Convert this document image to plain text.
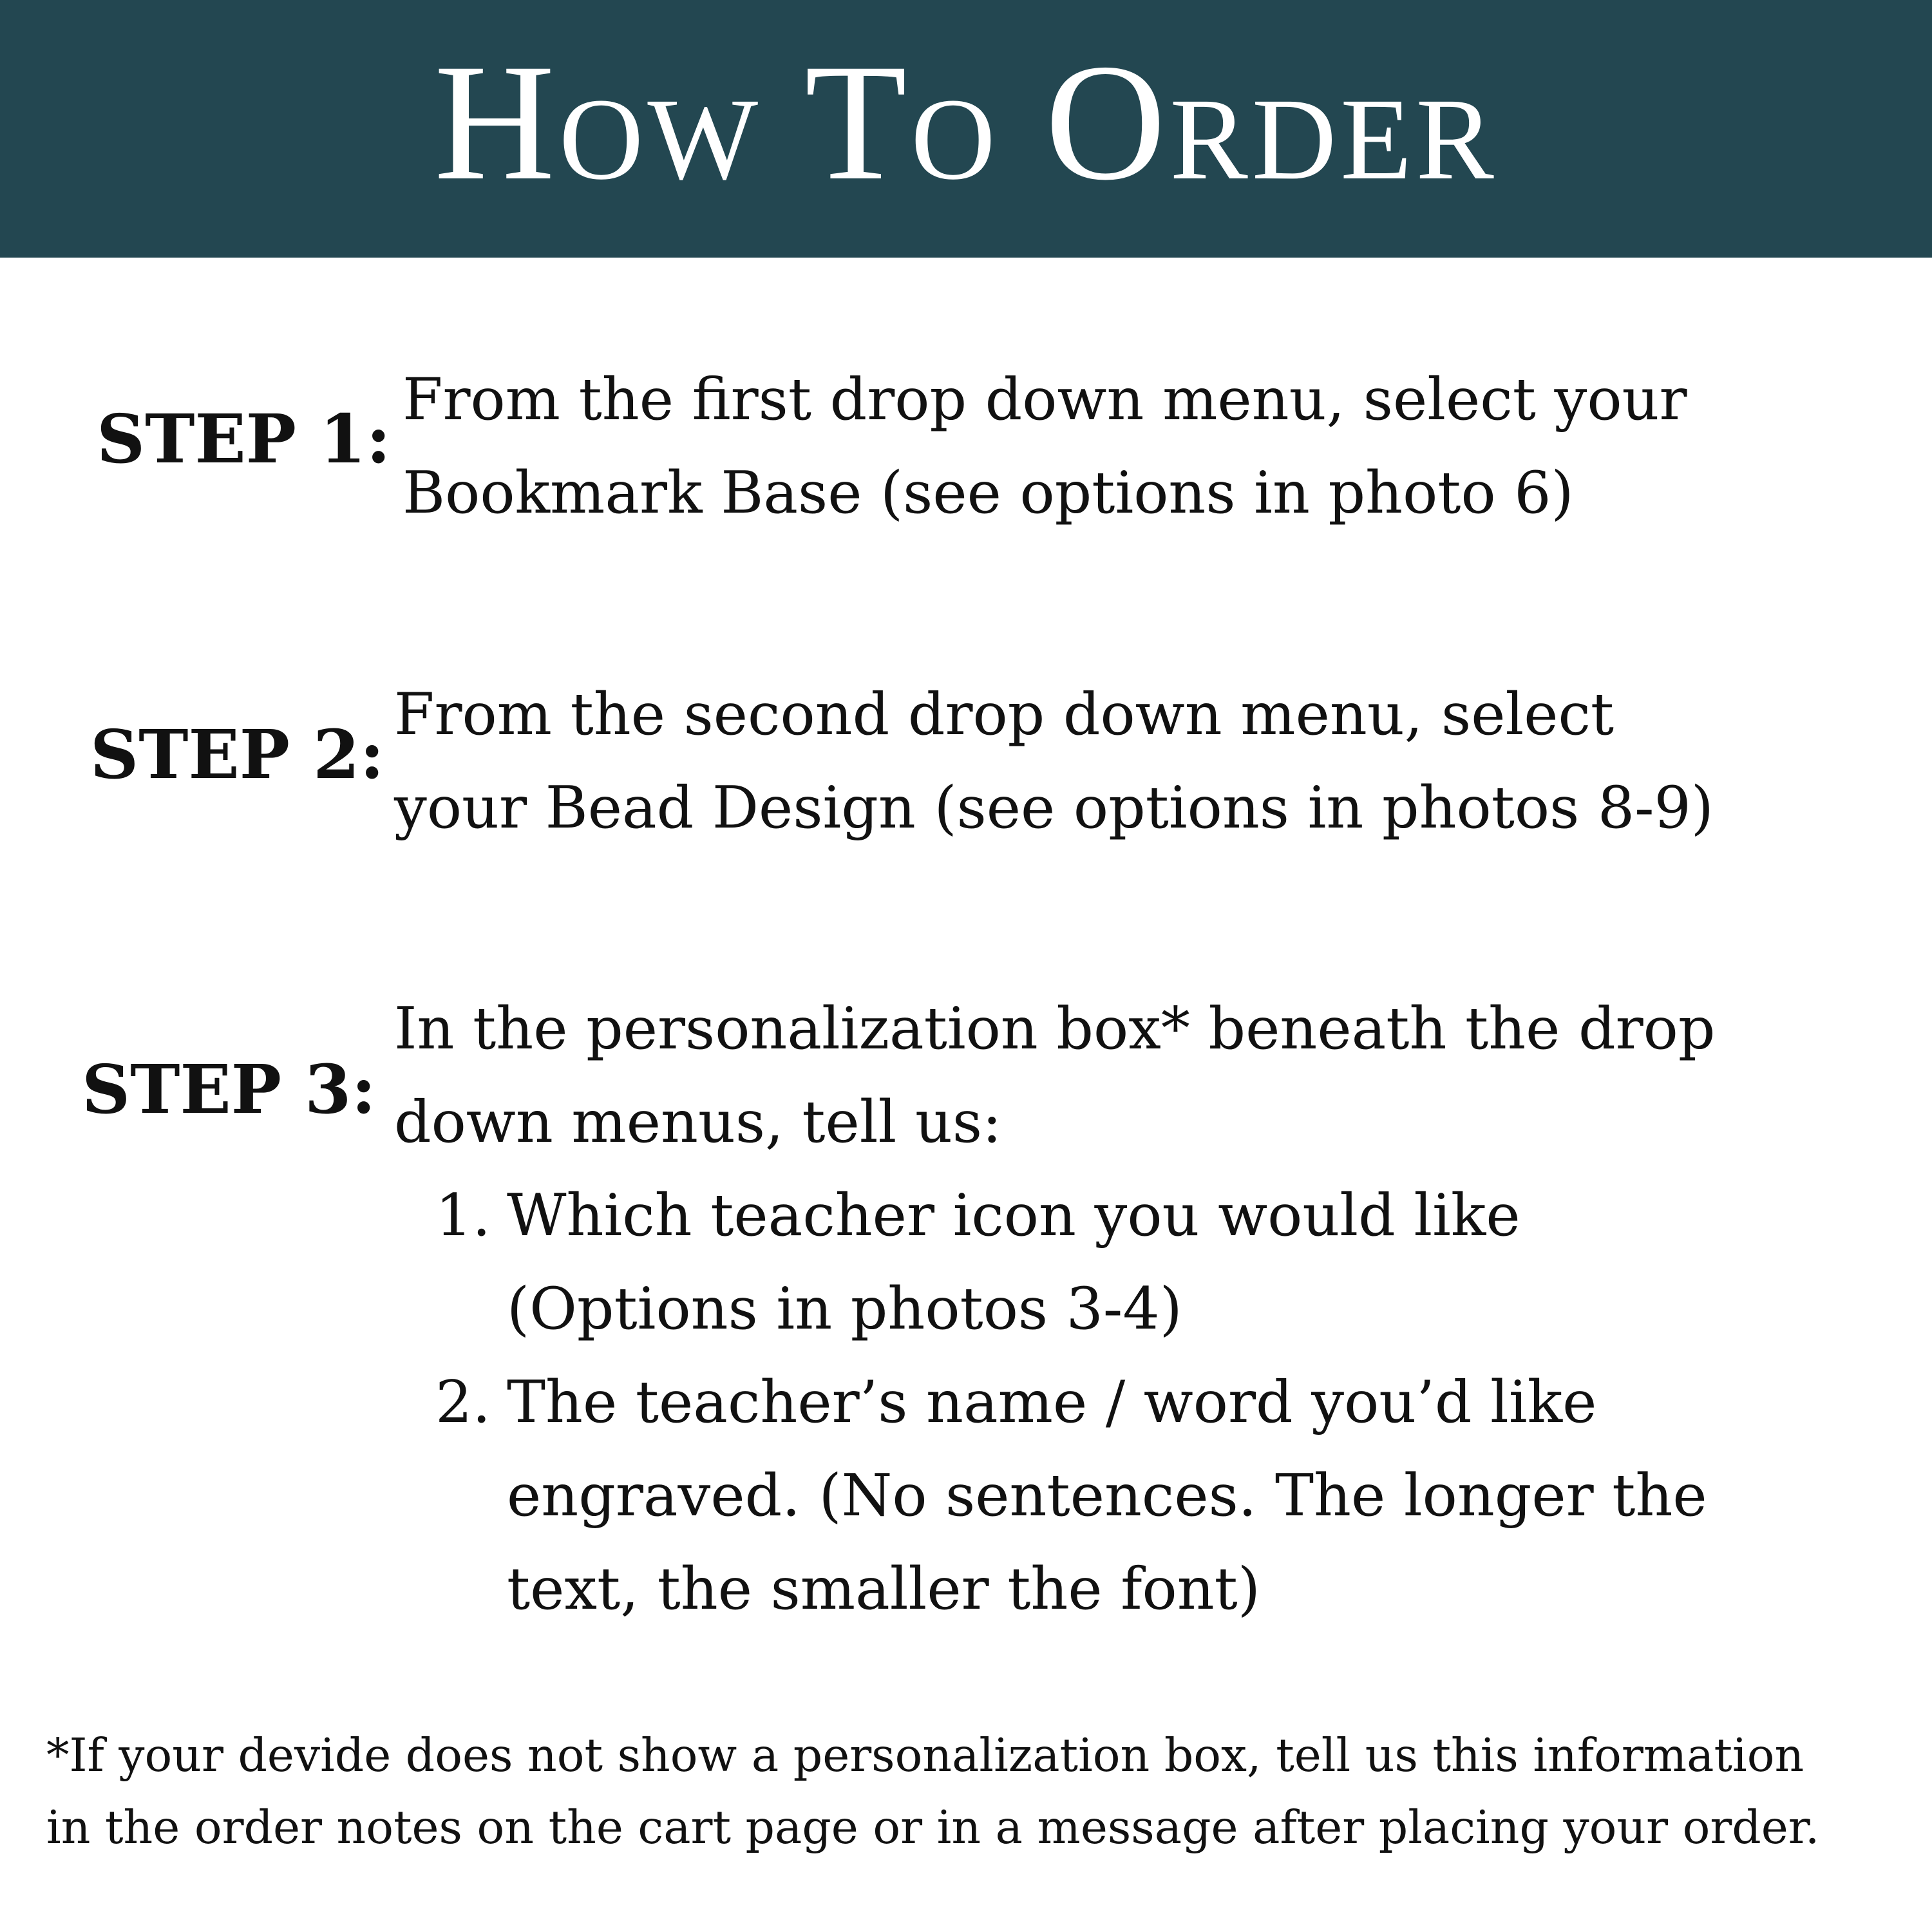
How To Order
STEP 1: From the first drop down menu, select your
Bookmark Base (see options in photo 6)
STEP 2:
From the second drop down menu, select
your Bead Design (see options in photos 8-9)
STEP 3:
In the personalization box* beneath the drop
down menus, tell us:
1. Which teacher icon you would like
(Options in photos 3-4)
2. The teacher’s name / word you’d like
engraved. (No sentences. The longer the
text, the smaller the font)
*If your devide does not show a personalization box, tell us this information
in the order notes on the cart page or in a message after placing your order.
